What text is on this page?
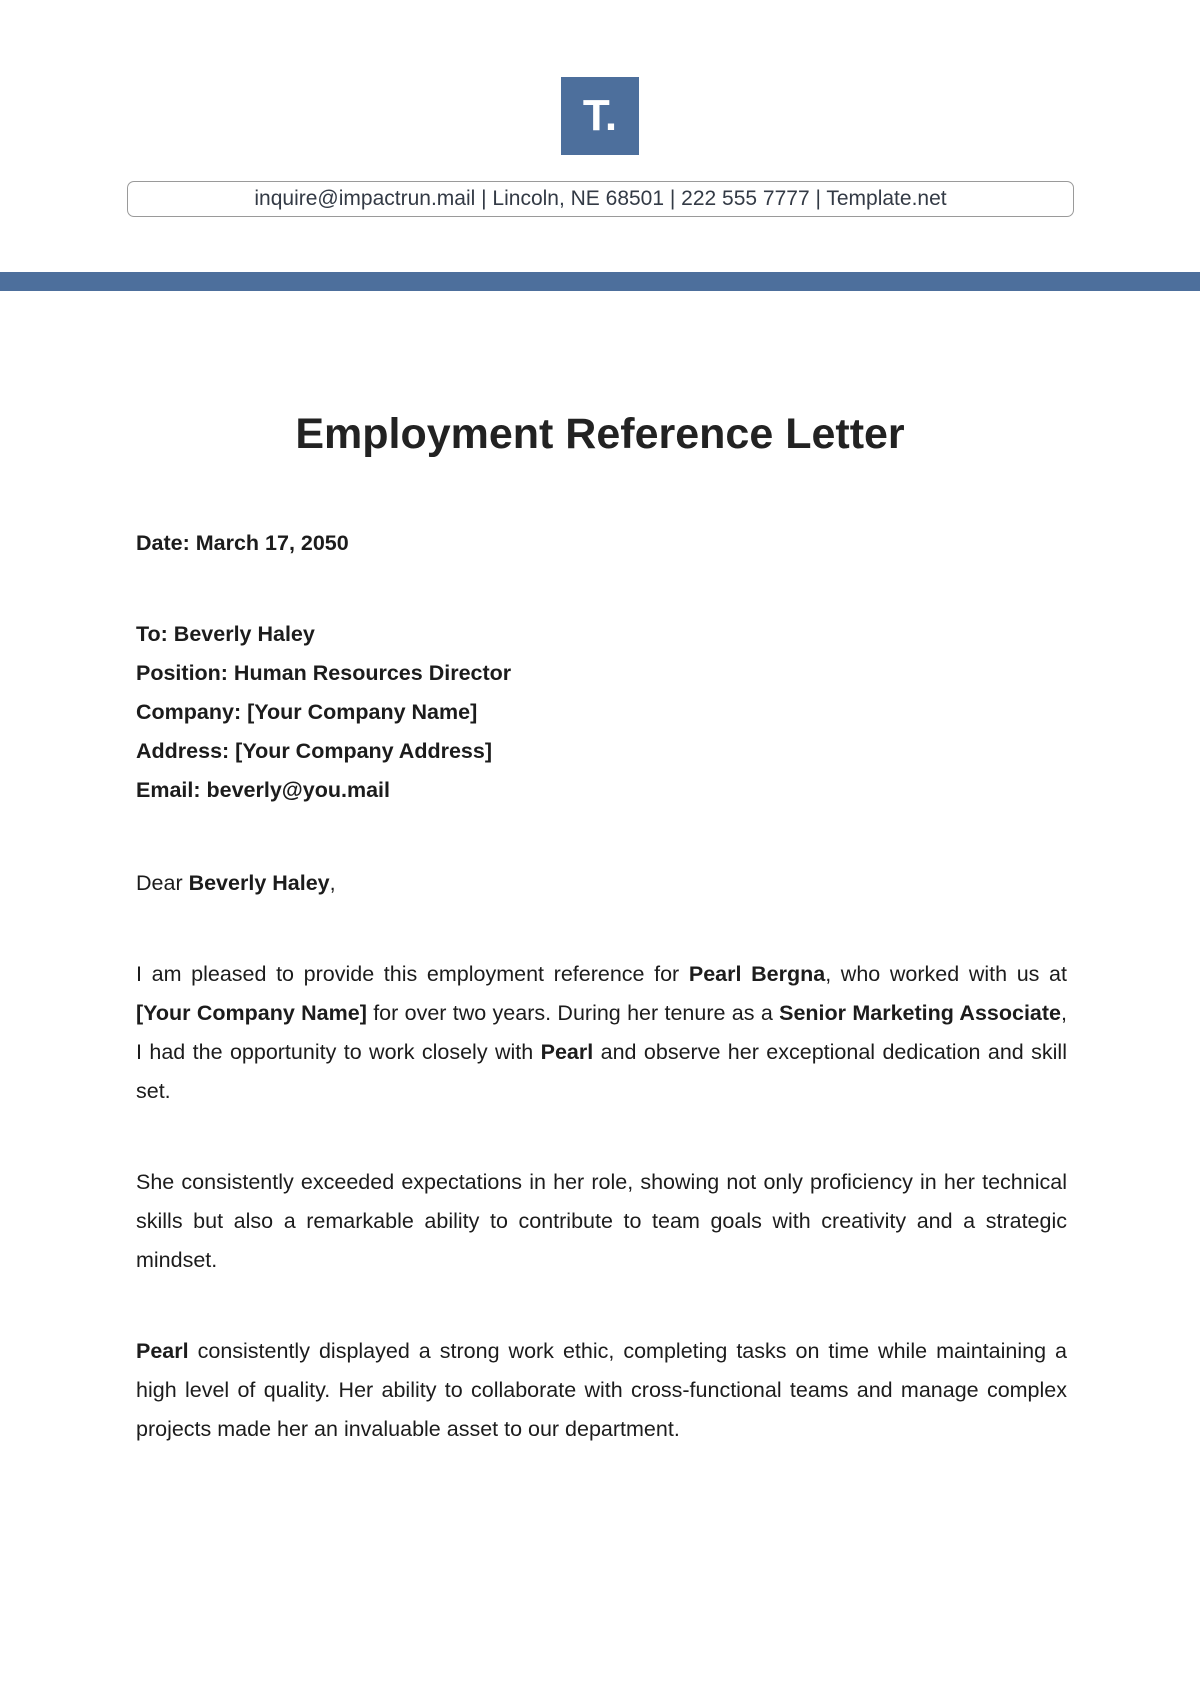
T.
inquire@impactrun.mail | Lincoln, NE 68501 | 222 555 7777 | Template.net
Employment Reference Letter
Date: March 17, 2050
To: Beverly Haley
Position: Human Resources Director
Company: [Your Company Name]
Address: [Your Company Address]
Email: beverly@you.mail
Dear Beverly Haley,
I am pleased to provide this employment reference for Pearl Bergna, who worked with us at [Your Company Name] for over two years. During her tenure as a Senior Marketing Associate, I had the opportunity to work closely with Pearl and observe her exceptional dedication and skill set.
She consistently exceeded expectations in her role, showing not only proficiency in her technical skills but also a remarkable ability to contribute to team goals with creativity and a strategic mindset.
Pearl consistently displayed a strong work ethic, completing tasks on time while maintaining a high level of quality. Her ability to collaborate with cross-functional teams and manage complex projects made her an invaluable asset to our department.
